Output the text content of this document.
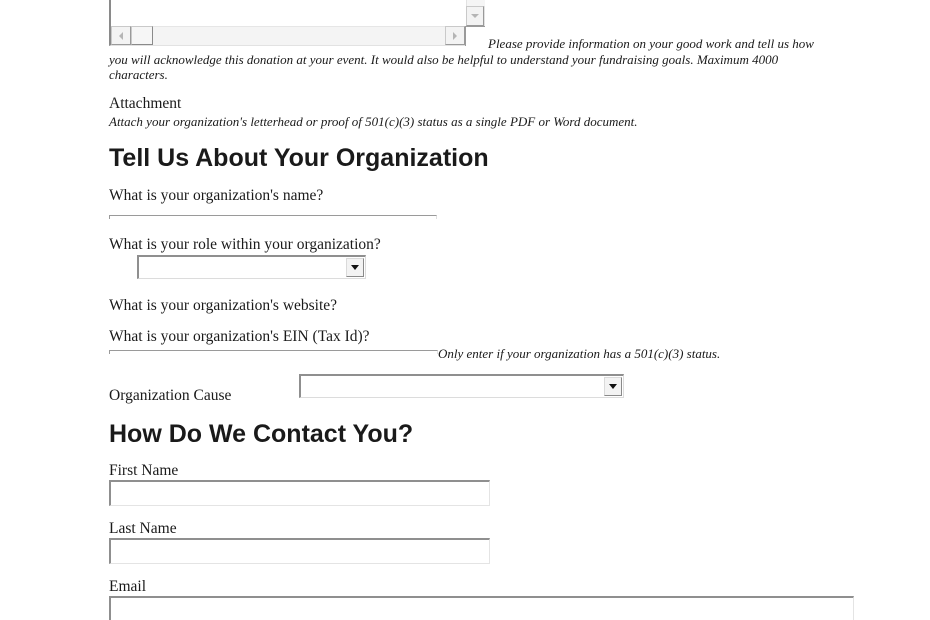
Please provide information on your good work and tell us how you will acknowledge this donation at your event. It would also be helpful to understand your fundraising goals. Maximum 4000 characters.
Attachment
Attach your organization's letterhead or proof of 501(c)(3) status as a single PDF or Word document.
Tell Us About Your Organization
What is your organization's name?
What is your role within your organization?
What is your organization's website?
What is your organization's EIN (Tax Id)?
Only enter if your organization has a 501(c)(3) status.
Organization Cause
How Do We Contact You?
First Name
Last Name
Email
